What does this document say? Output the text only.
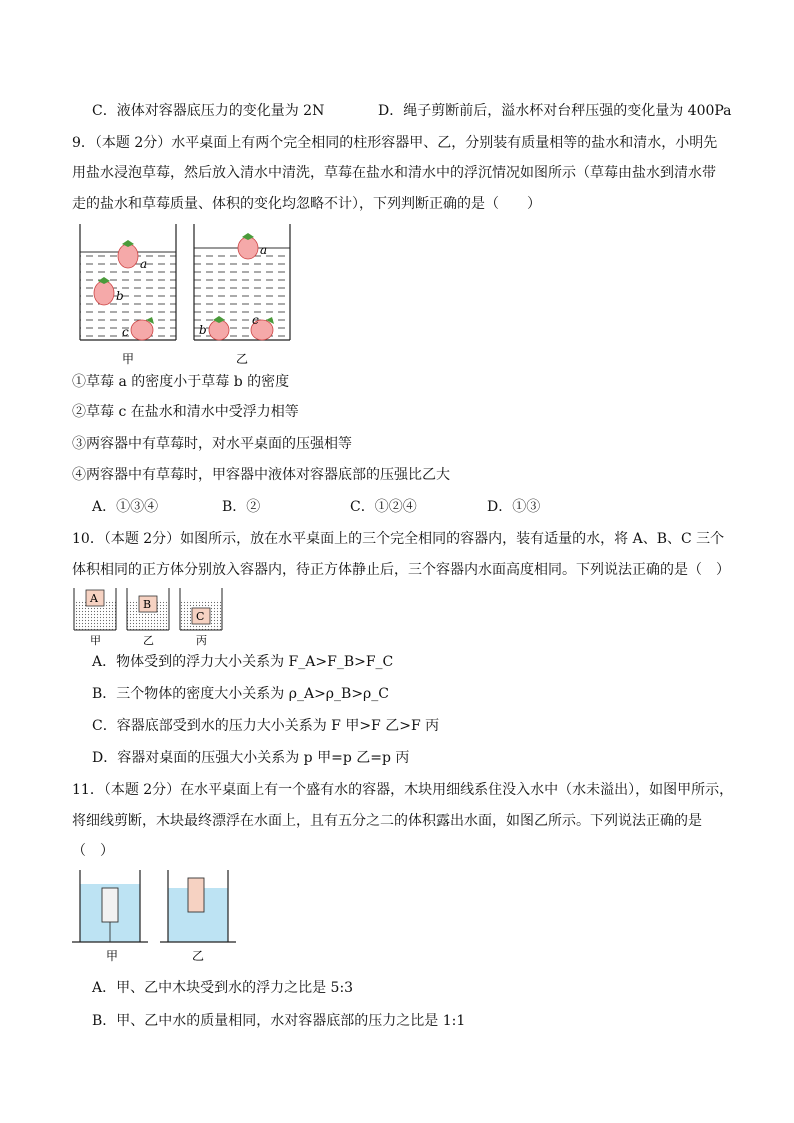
C．液体对容器底压力的变化量为 2N	D．绳子剪断前后，溢水杯对台秤压强的变化量为 400Pa
9．（本题 2分）水平桌面上有两个完全相同的柱形容器甲、乙，分别装有质量相等的盐水和清水，小明先
用盐水浸泡草莓，然后放入清水中清洗，草莓在盐水和清水中的浮沉情况如图所示（草莓由盐水到清水带
走的盐水和草莓质量、体积的变化均忽略不计），下列判断正确的是（　　）
a
b
c
a
b
c
甲	乙
①草莓 a 的密度小于草莓 b 的密度
②草莓 c 在盐水和清水中受浮力相等
③两容器中有草莓时，对水平桌面的压强相等
④两容器中有草莓时，甲容器中液体对容器底部的压强比乙大
A．①③④	B．②	C．①②④	D．①③
10．（本题 2分）如图所示，放在水平桌面上的三个完全相同的容器内，装有适量的水，将 A、B、C 三个
体积相同的正方体分别放入容器内，待正方体静止后，三个容器内水面高度相同。下列说法正确的是（　）
A	B
C
甲	乙	丙
A．物体受到的浮力大小关系为 F_A>F_B>F_C
B．三个物体的密度大小关系为 ρ_A>ρ_B>ρ_C
C．容器底部受到水的压力大小关系为 F 甲>F 乙>F 丙
D．容器对桌面的压强大小关系为 p 甲=p 乙=p 丙
11．（本题 2分）在水平桌面上有一个盛有水的容器，木块用细线系住没入水中（水未溢出），如图甲所示，
将细线剪断，木块最终漂浮在水面上，且有五分之二的体积露出水面，如图乙所示。下列说法正确的是
（　）
甲	乙
A．甲、乙中木块受到水的浮力之比是 5:3
B．甲、乙中水的质量相同，水对容器底部的压力之比是 1:1
